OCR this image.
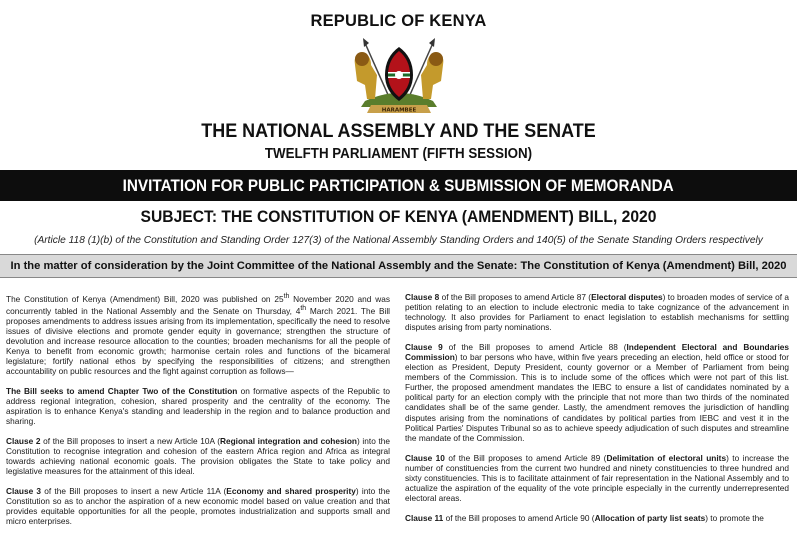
REPUBLIC OF KENYA
HARAMBEE
THE NATIONAL ASSEMBLY AND THE SENATE
TWELFTH PARLIAMENT (FIFTH SESSION)
INVITATION FOR PUBLIC PARTICIPATION & SUBMISSION OF MEMORANDA
SUBJECT: THE CONSTITUTION OF KENYA (AMENDMENT) BILL, 2020
(Article 118 (1)(b) of the Constitution and Standing Order 127(3) of the National Assembly Standing Orders and 140(5) of the Senate Standing Orders respectively
In the matter of consideration by the Joint Committee of the National Assembly and the Senate: The Constitution of Kenya (Amendment) Bill, 2020

The Constitution of Kenya (Amendment) Bill, 2020 was published on 25th November 2020 and was concurrently tabled in the National Assembly and the Senate on Thursday, 4th March 2021. The Bill proposes amendments to address issues arising from its implementation, specifically the need to resolve issues of divisive elections and promote gender equity in governance; strengthen the structure of devolution and increase resource allocation to the counties; broaden mechanisms for all the people of Kenya to benefit from economic growth; harmonise certain roles and functions of the bicameral legislature; fortify national ethos by specifying the responsibilities of citizens; and strengthen accountability on public resources and the fight against corruption as follows—

The Bill seeks to amend Chapter Two of the Constitution on formative aspects of the Republic to address regional integration, cohesion, shared prosperity and the centrality of the economy. The aspiration is to enhance Kenya's standing and leadership in the region and to balance production and sharing.

Clause 2 of the Bill proposes to insert a new Article 10A (Regional integration and cohesion) into the Constitution to recognise integration and cohesion of the eastern Africa region and Africa as integral towards achieving national economic goals. The provision obligates the State to take policy and legislative measures for the attainment of this ideal.

Clause 3 of the Bill proposes to insert a new Article 11A (Economy and shared prosperity) into the Constitution so as to anchor the aspiration of a new economic model based on value creation and that provides equitable opportunities for all the people, promotes industrialization and supports small and micro enterprises.

Clause 8 of the Bill proposes to amend Article 87 (Electoral disputes) to broaden modes of service of a petition relating to an election to include electronic media to take cognizance of the advancement in technology. It also provides for Parliament to enact legislation to establish mechanisms for settling disputes arising from party nominations.

Clause 9 of the Bill proposes to amend Article 88 (Independent Electoral and Boundaries Commission) to bar persons who have, within five years preceding an election, held office or stood for election as President, Deputy President, county governor or a Member of Parliament from being members of the Commission. This is to include some of the offices which were not part of this list. Further, the proposed amendment mandates the IEBC to ensure a list of candidates nominated by a political party for an election comply with the principle that not more than two thirds of the nominated candidates shall be of the same gender. Lastly, the amendment removes the jurisdiction of handling disputes arising from the nominations of candidates by political parties from IEBC and vest it in the Political Parties' Disputes Tribunal so as to achieve speedy adjudication of such disputes and streamline the mandate of the Commission.

Clause 10 of the Bill proposes to amend Article 89 (Delimitation of electoral units) to increase the number of constituencies from the current two hundred and ninety constituencies to three hundred and sixty constituencies. This is to facilitate attainment of fair representation in the National Assembly and to actualize the aspiration of the equality of the vote principle especially in the currently underrepresented electoral areas.

Clause 11 of the Bill proposes to amend Article 90 (Allocation of party list seats) to promote the
